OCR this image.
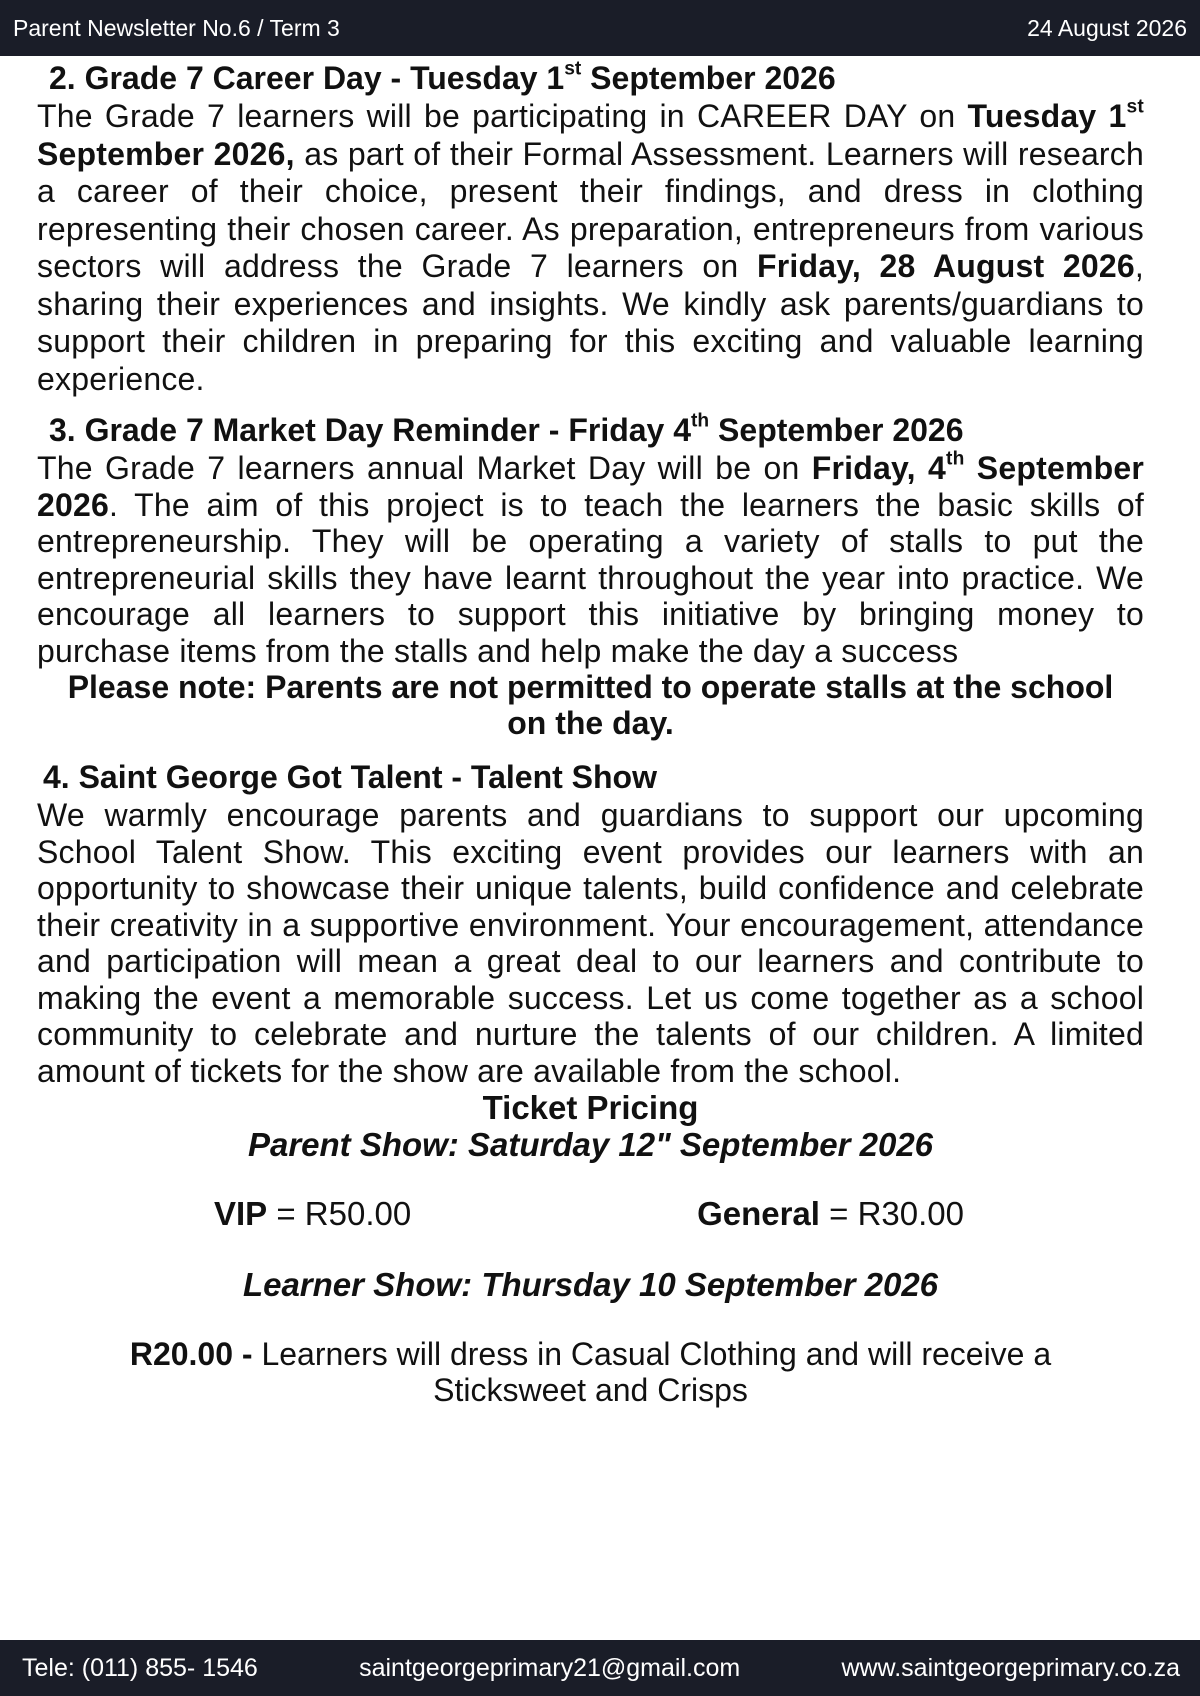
Parent Newsletter No.6 / Term 3	24 August 2026
2. Grade 7 Career Day - Tuesday 1st September 2026

The Grade 7 learners will be participating in CAREER DAY on Tuesday 1st September 2026, as part of their Formal Assessment. Learners will research a career of their choice, present their findings, and dress in clothing representing their chosen career. As preparation, entrepreneurs from various sectors will address the Grade 7 learners on Friday, 28 August 2026, sharing their experiences and insights. We kindly ask parents/guardians to support their children in preparing for this exciting and valuable learning experience.

3. Grade 7 Market Day Reminder - Friday 4th September 2026

The Grade 7 learners annual Market Day will be on Friday, 4th September 2026. The aim of this project is to teach the learners the basic skills of entrepreneurship. They will be operating a variety of stalls to put the entrepreneurial skills they have learnt throughout the year into practice. We encourage all learners to support this initiative by bringing money to purchase items from the stalls and help make the day a success

Please note: Parents are not permitted to operate stalls at the school on the day.

4. Saint George Got Talent - Talent Show

We warmly encourage parents and guardians to support our upcoming School Talent Show. This exciting event provides our learners with an opportunity to showcase their unique talents, build confidence and celebrate their creativity in a supportive environment. Your encouragement, attendance and participation will mean a great deal to our learners and contribute to making the event a memorable success. Let us come together as a school community to celebrate and nurture the talents of our children. A limited amount of tickets for the show are available from the school.

Ticket Pricing
Parent Show: Saturday 12" September 2026
VIP = R50.00	General = R30.00
Learner Show: Thursday 10 September 2026
R20.00 - Learners will dress in Casual Clothing and will receive a Sticksweet and Crisps
Tele: (011) 855- 1546	saintgeorgeprimary21@gmail.com	www.saintgeorgeprimary.co.za
